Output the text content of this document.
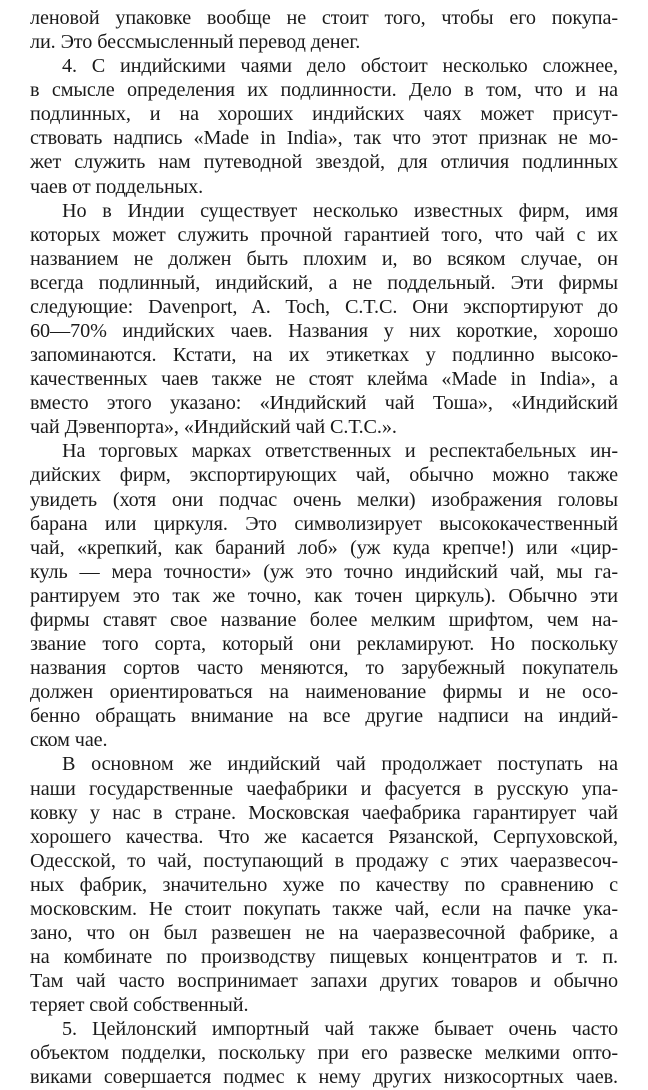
леновой упаковке вообще не стоит того, чтобы его покупа-
ли. Это бессмысленный перевод денег.
4. С индийскими чаями дело обстоит несколько сложнее,
в смысле определения их подлинности. Дело в том, что и на
подлинных, и на хороших индийских чаях может присут-
ствовать надпись «Made in India», так что этот признак не мо-
жет служить нам путеводной звездой, для отличия подлинных
чаев от поддельных.
Но в Индии существует несколько известных фирм, имя
которых может служить прочной гарантией того, что чай с их
названием не должен быть плохим и, во всяком случае, он
всегда подлинный, индийский, а не поддельный. Эти фирмы
следующие: Davenport, A. Toch, C.T.C. Они экспортируют до
60—70% индийских чаев. Названия у них короткие, хорошо
запоминаются. Кстати, на их этикетках у подлинно высоко-
качественных чаев также не стоят клейма «Made in India», а
вместо этого указано: «Индийский чай Тоша», «Индийский
чай Дэвенпорта», «Индийский чай С.Т.С.».
На торговых марках ответственных и респектабельных ин-
дийских фирм, экспортирующих чай, обычно можно также
увидеть (хотя они подчас очень мелки) изображения головы
барана или циркуля. Это символизирует высококачественный
чай, «крепкий, как бараний лоб» (уж куда крепче!) или «цир-
куль — мера точности» (уж это точно индийский чай, мы га-
рантируем это так же точно, как точен циркуль). Обычно эти
фирмы ставят свое название более мелким шрифтом, чем на-
звание того сорта, который они рекламируют. Но поскольку
названия сортов часто меняются, то зарубежный покупатель
должен ориентироваться на наименование фирмы и не осо-
бенно обращать внимание на все другие надписи на индий-
ском чае.
В основном же индийский чай продолжает поступать на
наши государственные чаефабрики и фасуется в русскую упа-
ковку у нас в стране. Московская чаефабрика гарантирует чай
хорошего качества. Что же касается Рязанской, Серпуховской,
Одесской, то чай, поступающий в продажу с этих чаеразвесоч-
ных фабрик, значительно хуже по качеству по сравнению с
московским. Не стоит покупать также чай, если на пачке ука-
зано, что он был развешен не на чаеразвесочной фабрике, а
на комбинате по производству пищевых концентратов и т. п.
Там чай часто воспринимает запахи других товаров и обычно
теряет свой собственный.
5. Цейлонский импортный чай также бывает очень часто
объектом подделки, поскольку при его развеске мелкими опто-
виками совершается подмес к нему других низкосортных чаев.
